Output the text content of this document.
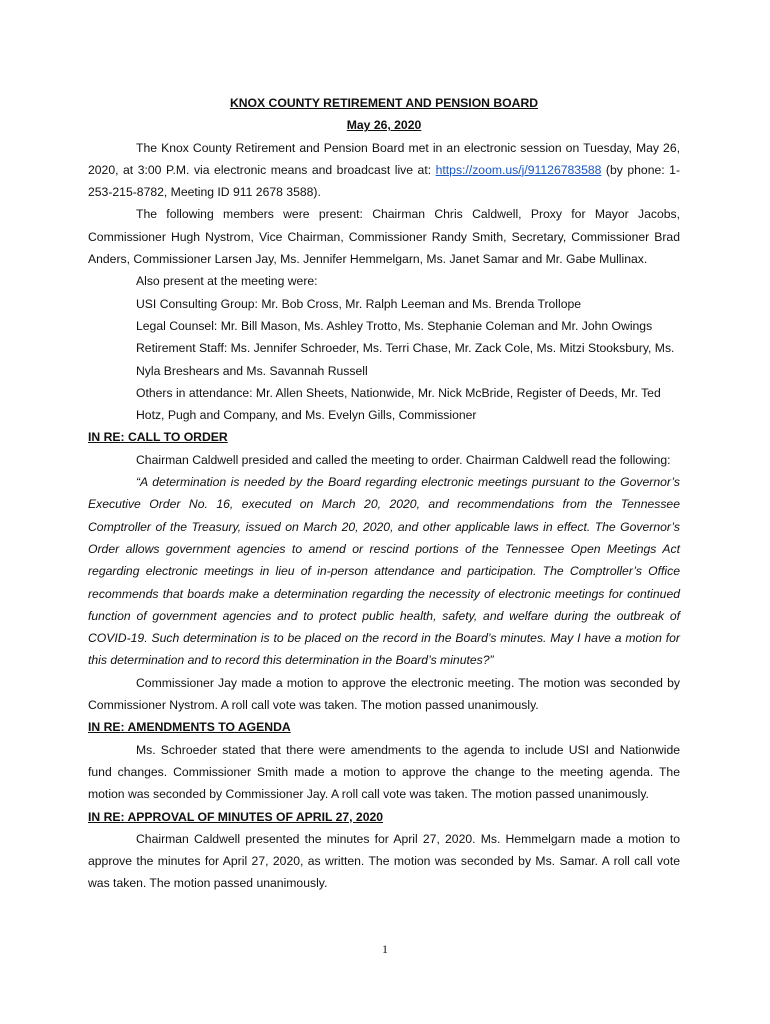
KNOX COUNTY RETIREMENT AND PENSION BOARD

May 26, 2020

The Knox County Retirement and Pension Board met in an electronic session on Tuesday, May 26, 2020, at 3:00 P.M. via electronic means and broadcast live at: https://zoom.us/j/91126783588 (by phone: 1-253-215-8782, Meeting ID 911 2678 3588).

The following members were present: Chairman Chris Caldwell, Proxy for Mayor Jacobs, Commissioner Hugh Nystrom, Vice Chairman, Commissioner Randy Smith, Secretary, Commissioner Brad Anders, Commissioner Larsen Jay, Ms. Jennifer Hemmelgarn, Ms. Janet Samar and Mr. Gabe Mullinax.

Also present at the meeting were:

USI Consulting Group: Mr. Bob Cross, Mr. Ralph Leeman and Ms. Brenda Trollope

Legal Counsel: Mr. Bill Mason, Ms. Ashley Trotto, Ms. Stephanie Coleman and Mr. John Owings

Retirement Staff: Ms. Jennifer Schroeder, Ms. Terri Chase, Mr. Zack Cole, Ms. Mitzi Stooksbury, Ms. Nyla Breshears and Ms. Savannah Russell

Others in attendance: Mr. Allen Sheets, Nationwide, Mr. Nick McBride, Register of Deeds, Mr. Ted Hotz, Pugh and Company, and Ms. Evelyn Gills, Commissioner

IN RE: CALL TO ORDER

Chairman Caldwell presided and called the meeting to order. Chairman Caldwell read the following:

“A determination is needed by the Board regarding electronic meetings pursuant to the Governor’s Executive Order No. 16, executed on March 20, 2020, and recommendations from the Tennessee Comptroller of the Treasury, issued on March 20, 2020, and other applicable laws in effect. The Governor’s Order allows government agencies to amend or rescind portions of the Tennessee Open Meetings Act regarding electronic meetings in lieu of in-person attendance and participation. The Comptroller’s Office recommends that boards make a determination regarding the necessity of electronic meetings for continued function of government agencies and to protect public health, safety, and welfare during the outbreak of COVID-19. Such determination is to be placed on the record in the Board’s minutes. May I have a motion for this determination and to record this determination in the Board’s minutes?”

Commissioner Jay made a motion to approve the electronic meeting. The motion was seconded by Commissioner Nystrom. A roll call vote was taken. The motion passed unanimously.

IN RE: AMENDMENTS TO AGENDA

Ms. Schroeder stated that there were amendments to the agenda to include USI and Nationwide fund changes. Commissioner Smith made a motion to approve the change to the meeting agenda. The motion was seconded by Commissioner Jay. A roll call vote was taken. The motion passed unanimously.

IN RE: APPROVAL OF MINUTES OF APRIL 27, 2020

Chairman Caldwell presented the minutes for April 27, 2020. Ms. Hemmelgarn made a motion to approve the minutes for April 27, 2020, as written. The motion was seconded by Ms. Samar. A roll call vote was taken. The motion passed unanimously.

1
